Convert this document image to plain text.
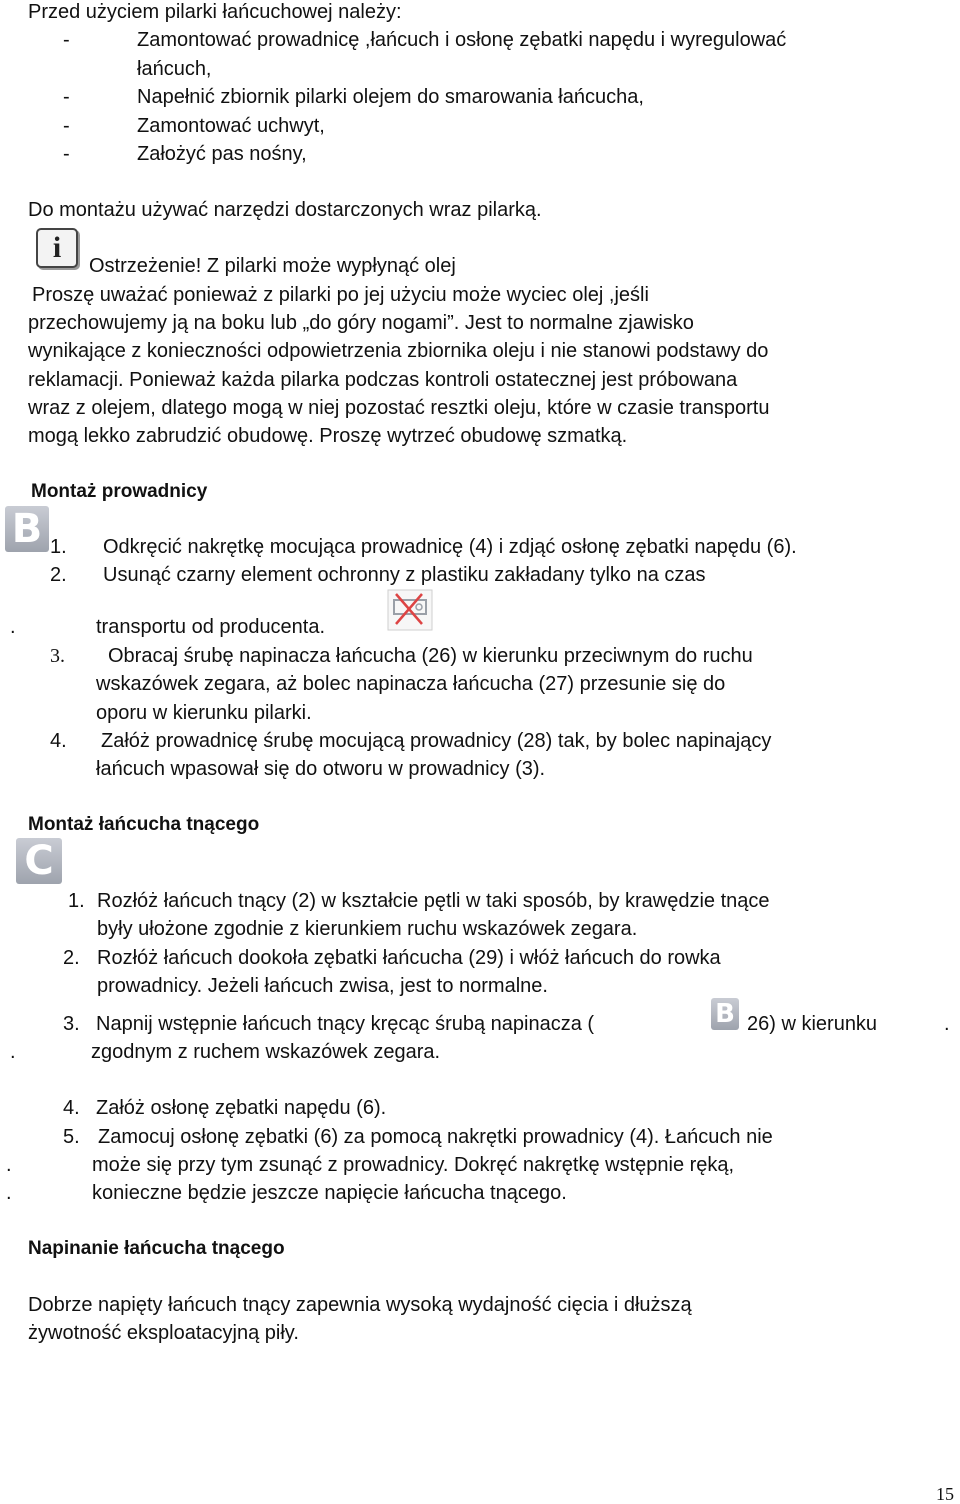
Przed użyciem pilarki łańcuchowej należy:
-	Zamontować prowadnicę ,łańcuch i osłonę zębatki napędu i wyregulować
łańcuch,
-	Napełnić zbiornik pilarki olejem do smarowania łańcucha,
-	Zamontować uchwyt,
-	Założyć pas nośny,
Do montażu używać narzędzi dostarczonych wraz pilarką.
i
Ostrzeżenie! Z pilarki może wypłynąć olej
Proszę uważać ponieważ z pilarki po jej użyciu może wyciec olej ,jeśli
przechowujemy ją na boku lub „do góry nogami”. Jest to normalne zjawisko
wynikające z konieczności odpowietrzenia zbiornika oleju i nie stanowi podstawy do
reklamacji. Ponieważ każda pilarka podczas kontroli ostatecznej jest próbowana
wraz z olejem, dlatego mogą w niej pozostać resztki oleju, które w czasie transportu
mogą lekko zabrudzić obudowę. Proszę wytrzeć obudowę szmatką.
Montaż prowadnicy
B 1. Odkręcić nakrętkę mocująca prowadnicę (4) i zdjąć osłonę zębatki napędu (6).
2. Usunąć czarny element ochronny z plastiku zakładany tylko na czas
.	transportu od producenta.
3. Obracaj śrubę napinacza łańcucha (26) w kierunku przeciwnym do ruchu
wskazówek zegara, aż bolec napinacza łańcucha (27) przesunie się do
oporu w kierunku pilarki.
4. Załóż prowadnicę śrubę mocującą prowadnicy (28) tak, by bolec napinający
łańcuch wpasował się do otworu w prowadnicy (3).
Montaż łańcucha tnącego
C
1. Rozłóż łańcuch tnący (2) w kształcie pętli w taki sposób, by krawędzie tnące
były ułożone zgodnie z kierunkiem ruchu wskazówek zegara.
2. Rozłóż łańcuch dookoła zębatki łańcucha (29) i włóż łańcuch do rowka
prowadnicy. Jeżeli łańcuch zwisa, jest to normalne.
3. Napnij wstępnie łańcuch tnący kręcąc śrubą napinacza (	B 26) w kierunku	.
.	zgodnym z ruchem wskazówek zegara.
4. Załóż osłonę zębatki napędu (6).
5. Zamocuj osłonę zębatki (6) za pomocą nakrętki prowadnicy (4). Łańcuch nie
.	może się przy tym zsunąć z prowadnicy. Dokręć nakrętkę wstępnie ręką,
.	konieczne będzie jeszcze napięcie łańcucha tnącego.
Napinanie łańcucha tnącego
Dobrze napięty łańcuch tnący zapewnia wysoką wydajność cięcia i dłuższą
żywotność eksploatacyjną piły.
15
